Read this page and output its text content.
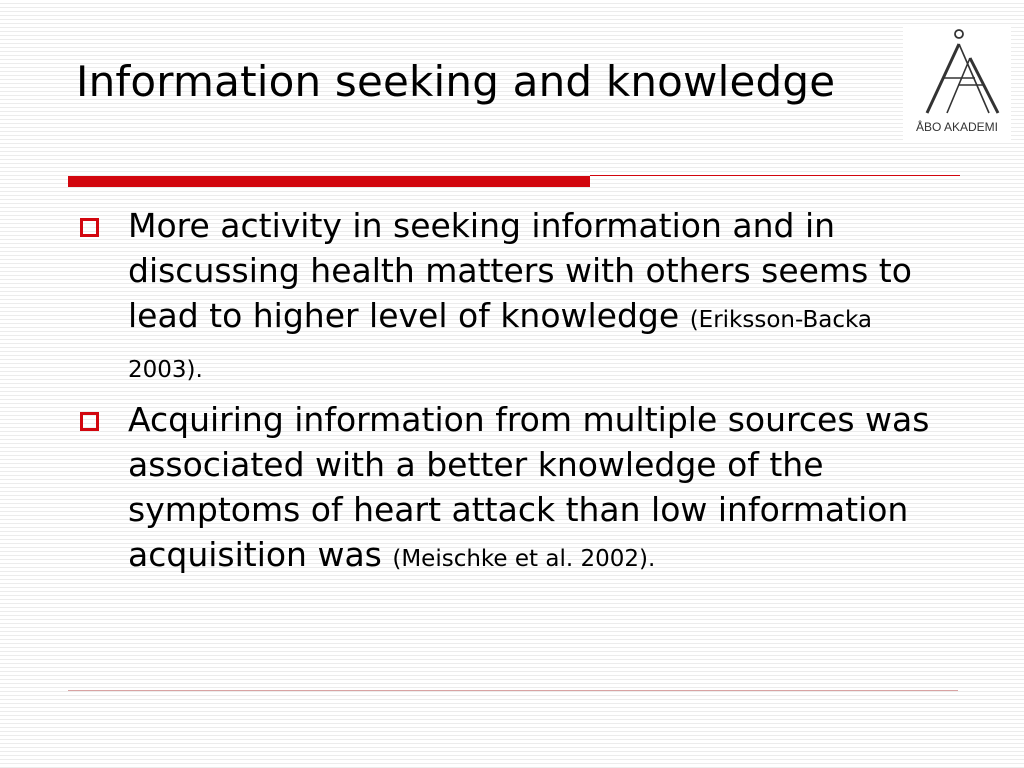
Information seeking and knowledge
ÅBO AKADEMI
More activity in seeking information and in discussing health matters with others seems to lead to higher level of knowledge (Eriksson-Backa 2003).
Acquiring information from multiple sources was associated with a better knowledge of the symptoms of heart attack than low information acquisition was (Meischke et al. 2002).
